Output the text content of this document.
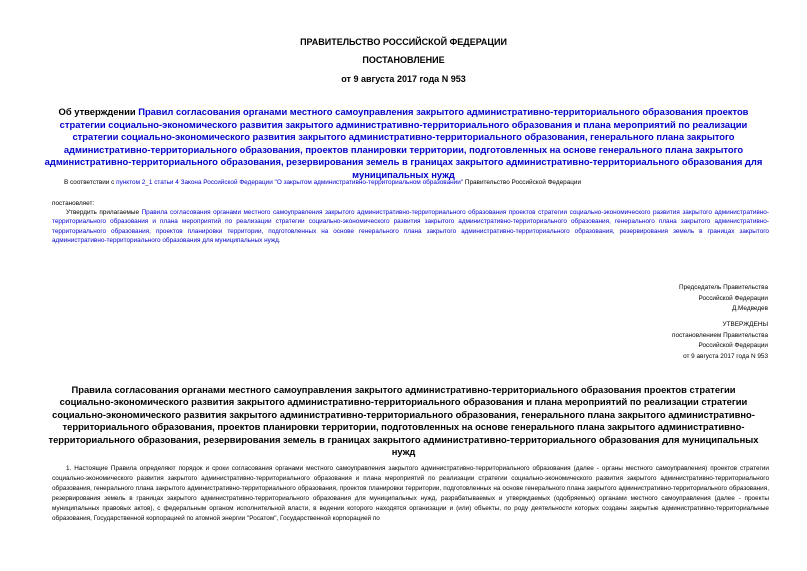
ПРАВИТЕЛЬСТВО РОССИЙСКОЙ ФЕДЕРАЦИИ
ПОСТАНОВЛЕНИЕ
от 9 августа 2017 года N 953
Об утверждении Правил согласования органами местного самоуправления закрытого административно-территориального образования проектов стратегии социально-экономического развития закрытого административно-территориального образования и плана мероприятий по реализации стратегии социально-экономического развития закрытого административно-территориального образования, генерального плана закрытого административно-территориального образования, проектов планировки территории, подготовленных на основе генерального плана закрытого административно-территориального образования, резервирования земель в границах закрытого административно-территориального образования для муниципальных нужд
В соответствии с пунктом 2_1 статьи 4 Закона Российской Федерации "О закрытом административно-территориальном образовании" Правительство Российской Федерации
постановляет:
Утвердить прилагаемые Правила согласования органами местного самоуправления закрытого административно-территориального образования проектов стратегии социально-экономического развития закрытого административно-территориального образования и плана мероприятий по реализации стратегии социально-экономического развития закрытого административно-территориального образования, генерального плана закрытого административно-территориального образования, проектов планировки территории, подготовленных на основе генерального плана закрытого административно-территориального образования, резервирования земель в границах закрытого административно-территориального образования для муниципальных нужд.
Председатель Правительства
Российской Федерации
Д.Медведев
УТВЕРЖДЕНЫ
постановлением Правительства
Российской Федерации
от 9 августа 2017 года N 953
Правила согласования органами местного самоуправления закрытого административно-территориального образования проектов стратегии социально-экономического развития закрытого административно-территориального образования и плана мероприятий по реализации стратегии социально-экономического развития закрытого административно-территориального образования, генерального плана закрытого административно-территориального образования, проектов планировки территории, подготовленных на основе генерального плана закрытого административно-территориального образования, резервирования земель в границах закрытого административно-территориального образования для муниципальных нужд
1. Настоящие Правила определяют порядок и сроки согласования органами местного самоуправления закрытого административно-территориального образования (далее - органы местного самоуправления) проектов стратегии социально-экономического развития закрытого административно-территориального образования и плана мероприятий по реализации стратегии социально-экономического развития закрытого административно-территориального образования, генерального плана закрытого административно-территориального образования, проектов планировки территории, подготовленных на основе генерального плана закрытого административно-территориального образования, резервирования земель в границах закрытого административно-территориального образования для муниципальных нужд, разрабатываемых и утверждаемых (одобряемых) органами местного самоуправления (далее - проекты муниципальных правовых актов), с федеральным органом исполнительной власти, в ведении которого находятся организации и (или) объекты, по роду деятельности которых созданы закрытые административно-территориальные образования, Государственной корпорацией по атомной энергии "Росатом", Государственной корпорацией по
